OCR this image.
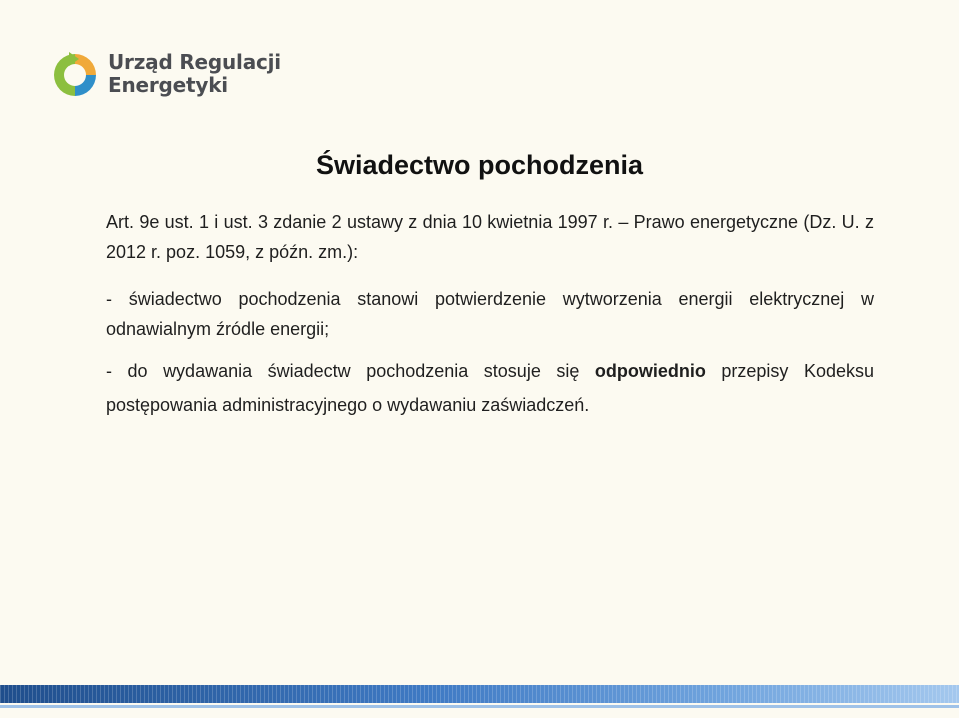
Urząd Regulacji
Energetyki
Świadectwo pochodzenia

Art. 9e ust. 1 i ust. 3 zdanie 2 ustawy z dnia 10 kwietnia 1997 r. – Prawo energetyczne (Dz. U. z 2012 r. poz. 1059, z późn. zm.):

- świadectwo pochodzenia stanowi potwierdzenie wytworzenia energii elektrycznej w odnawialnym źródle energii;

- do wydawania świadectw pochodzenia stosuje się odpowiednio przepisy Kodeksu postępowania administracyjnego o wydawaniu zaświadczeń.
